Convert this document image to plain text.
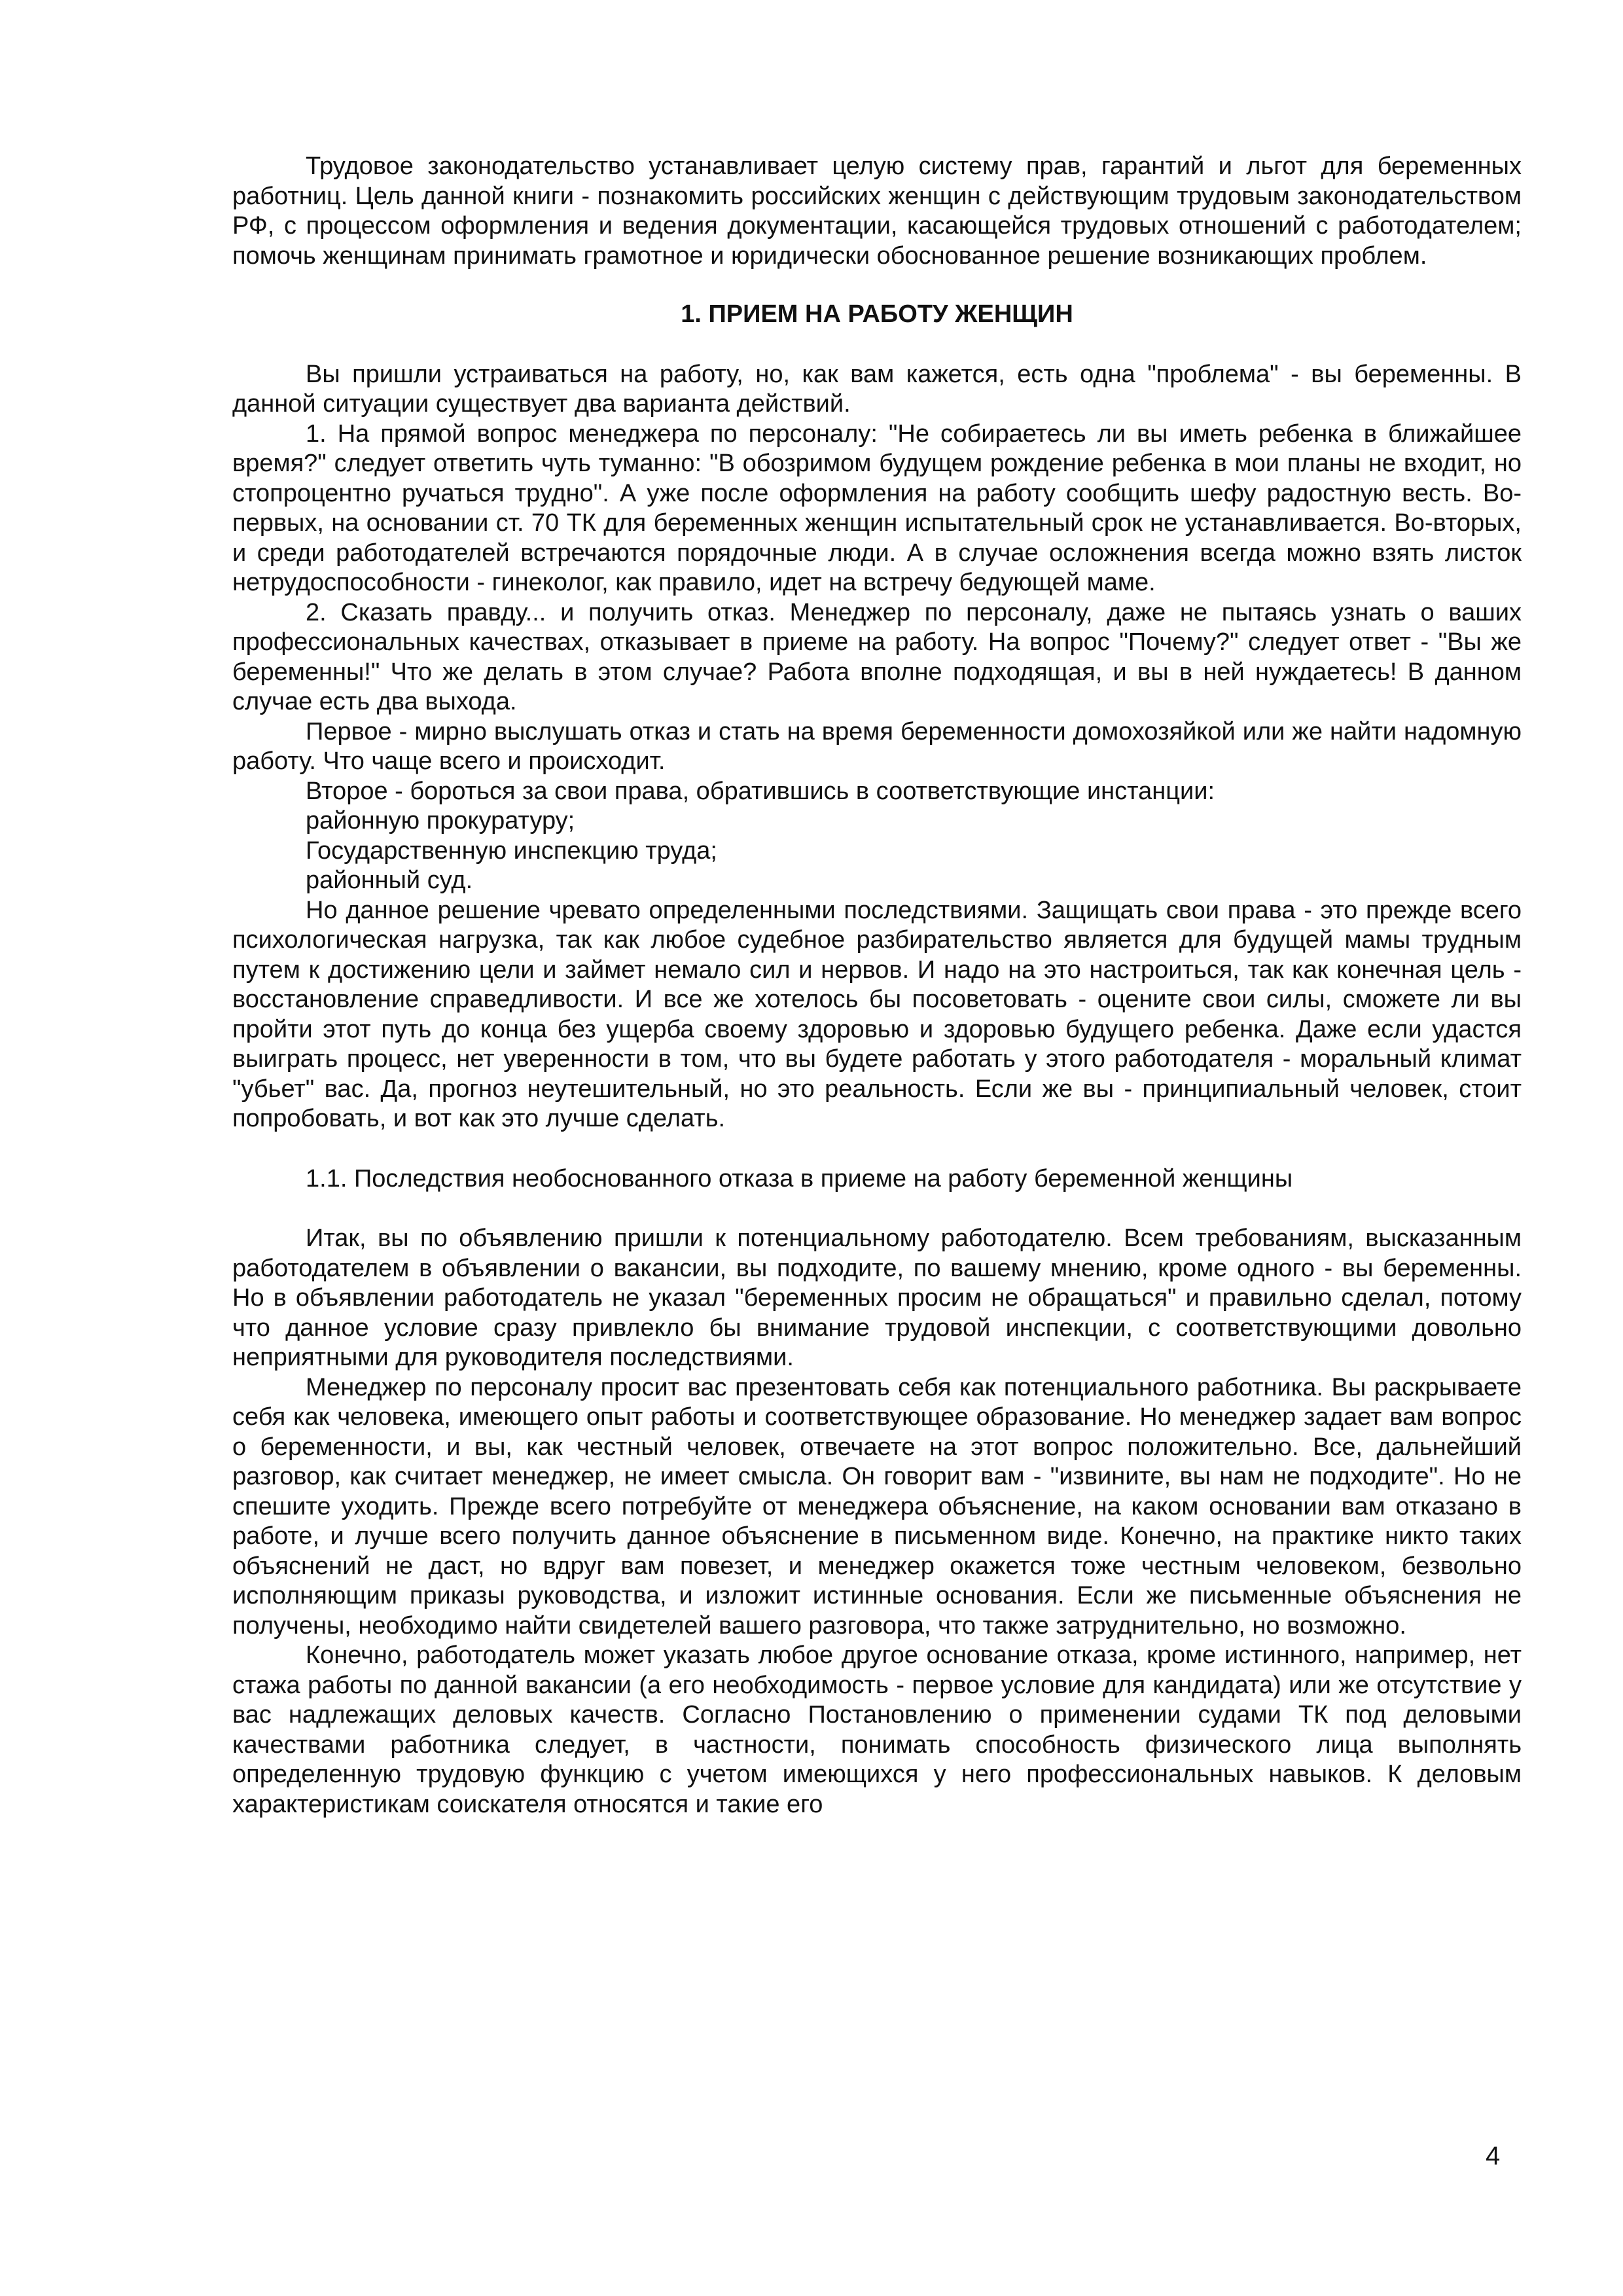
Трудовое законодательство устанавливает целую систему прав, гарантий и льгот для беременных работниц. Цель данной книги - познакомить российских женщин с действующим трудовым законодательством РФ, с процессом оформления и ведения документации, касающейся трудовых отношений с работодателем; помочь женщинам принимать грамотное и юридически обоснованное решение возникающих проблем.

1. ПРИЕМ НА РАБОТУ ЖЕНЩИН

Вы пришли устраиваться на работу, но, как вам кажется, есть одна "проблема" - вы беременны. В данной ситуации существует два варианта действий.

1. На прямой вопрос менеджера по персоналу: "Не собираетесь ли вы иметь ребенка в ближайшее время?" следует ответить чуть туманно: "В обозримом будущем рождение ребенка в мои планы не входит, но стопроцентно ручаться трудно". А уже после оформления на работу сообщить шефу радостную весть. Во-первых, на основании ст. 70 ТК для беременных женщин испытательный срок не устанавливается. Во-вторых, и среди работодателей встречаются порядочные люди. А в случае осложнения всегда можно взять листок нетрудоспособности - гинеколог, как правило, идет на встречу бедующей маме.

2. Сказать правду... и получить отказ. Менеджер по персоналу, даже не пытаясь узнать о ваших профессиональных качествах, отказывает в приеме на работу. На вопрос "Почему?" следует ответ - "Вы же беременны!" Что же делать в этом случае? Работа вполне подходящая, и вы в ней нуждаетесь! В данном случае есть два выхода.

Первое - мирно выслушать отказ и стать на время беременности домохозяйкой или же найти надомную работу. Что чаще всего и происходит.

Второе - бороться за свои права, обратившись в соответствующие инстанции:

районную прокуратуру;

Государственную инспекцию труда;

районный суд.

Но данное решение чревато определенными последствиями. Защищать свои права - это прежде всего психологическая нагрузка, так как любое судебное разбирательство является для будущей мамы трудным путем к достижению цели и займет немало сил и нервов. И надо на это настроиться, так как конечная цель - восстановление справедливости. И все же хотелось бы посоветовать - оцените свои силы, сможете ли вы пройти этот путь до конца без ущерба своему здоровью и здоровью будущего ребенка. Даже если удастся выиграть процесс, нет уверенности в том, что вы будете работать у этого работодателя - моральный климат "убьет" вас. Да, прогноз неутешительный, но это реальность. Если же вы - принципиальный человек, стоит попробовать, и вот как это лучше сделать.

1.1. Последствия необоснованного отказа в приеме на работу беременной женщины

Итак, вы по объявлению пришли к потенциальному работодателю. Всем требованиям, высказанным работодателем в объявлении о вакансии, вы подходите, по вашему мнению, кроме одного - вы беременны. Но в объявлении работодатель не указал "беременных просим не обращаться" и правильно сделал, потому что данное условие сразу привлекло бы внимание трудовой инспекции, с соответствующими довольно неприятными для руководителя последствиями.

Менеджер по персоналу просит вас презентовать себя как потенциального работника. Вы раскрываете себя как человека, имеющего опыт работы и соответствующее образование. Но менеджер задает вам вопрос о беременности, и вы, как честный человек, отвечаете на этот вопрос положительно. Все, дальнейший разговор, как считает менеджер, не имеет смысла. Он говорит вам - "извините, вы нам не подходите". Но не спешите уходить. Прежде всего потребуйте от менеджера объяснение, на каком основании вам отказано в работе, и лучше всего получить данное объяснение в письменном виде. Конечно, на практике никто таких объяснений не даст, но вдруг вам повезет, и менеджер окажется тоже честным человеком, безвольно исполняющим приказы руководства, и изложит истинные основания. Если же письменные объяснения не получены, необходимо найти свидетелей вашего разговора, что также затруднительно, но возможно.

Конечно, работодатель может указать любое другое основание отказа, кроме истинного, например, нет стажа работы по данной вакансии (а его необходимость - первое условие для кандидата) или же отсутствие у вас надлежащих деловых качеств. Согласно Постановлению о применении судами ТК под деловыми качествами работника следует, в частности, понимать способность физического лица выполнять определенную трудовую функцию с учетом имеющихся у него профессиональных навыков. К деловым характеристикам соискателя относятся и такие его

4
